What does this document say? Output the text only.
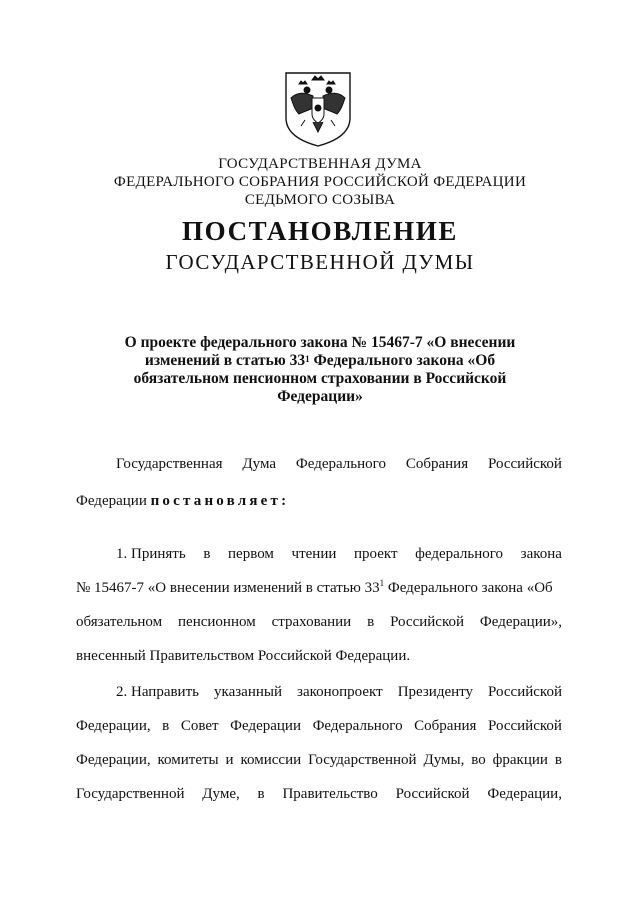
ГОСУДАРСТВЕННАЯ ДУМА
ФЕДЕРАЛЬНОГО СОБРАНИЯ РОССИЙСКОЙ ФЕДЕРАЦИИ
СЕДЬМОГО СОЗЫВА
ПОСТАНОВЛЕНИЕ
ГОСУДАРСТВЕННОЙ ДУМЫ
О проекте федерального закона № 15467-7 «О внесении
изменений в статью $33^1$ Федерального закона «Об
обязательном пенсионном страховании в Российской
Федерации»
Государственная Дума Федерального Собрания Российской
Федерации постановляет:
1. Принять в первом чтении проект федерального закона
№ 15467-7 «О внесении изменений в статью $33^1$ Федерального закона «Об
обязательном пенсионном страховании в Российской Федерации»,
внесенный Правительством Российской Федерации.
2. Направить указанный законопроект Президенту Российской
Федерации, в Совет Федерации Федерального Собрания Российской
Федерации, комитеты и комиссии Государственной Думы, во фракции в
Государственной Думе, в Правительство Российской Федерации,
